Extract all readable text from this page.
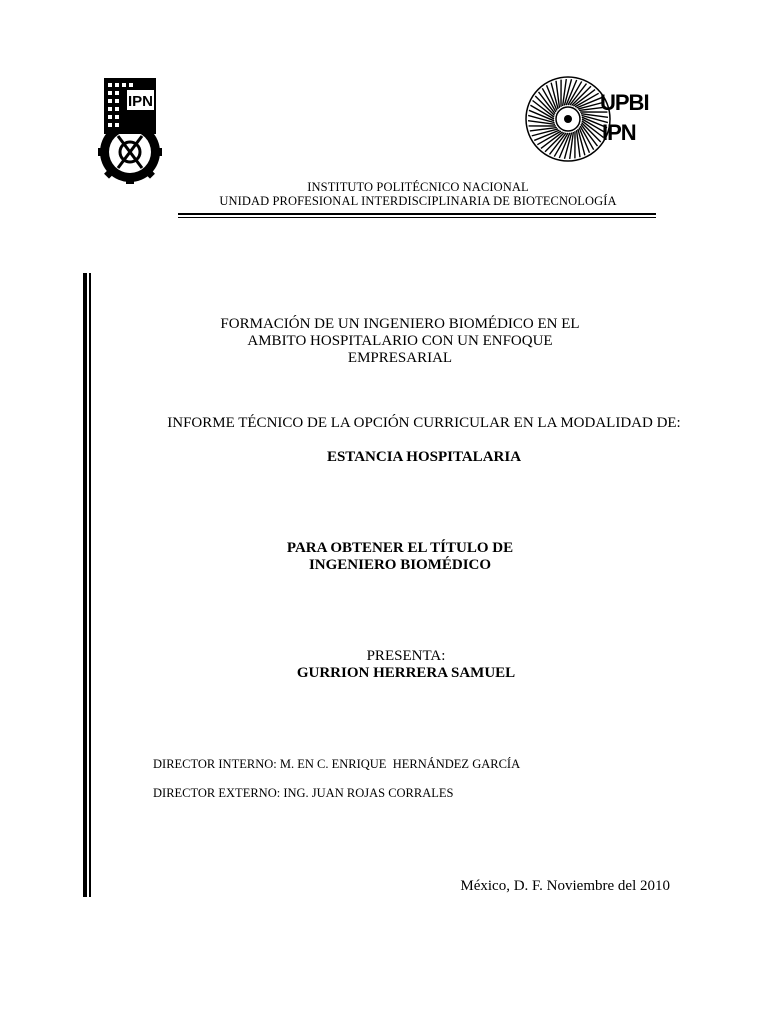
IPN	UPBI
IPN
INSTITUTO POLITÉCNICO NACIONAL
UNIDAD PROFESIONAL INTERDISCIPLINARIA DE BIOTECNOLOGÍA
FORMACIÓN DE UN INGENIERO BIOMÉDICO EN EL
AMBITO HOSPITALARIO CON UN ENFOQUE
EMPRESARIAL
INFORME TÉCNICO DE LA OPCIÓN CURRICULAR EN LA MODALIDAD DE:
ESTANCIA HOSPITALARIA
PARA OBTENER EL TÍTULO DE
INGENIERO BIOMÉDICO
PRESENTA:
GURRION HERRERA SAMUEL
DIRECTOR INTERNO: M. EN C. ENRIQUE  HERNÁNDEZ GARCÍA
DIRECTOR EXTERNO: ING. JUAN ROJAS CORRALES
México, D. F. Noviembre del 2010
